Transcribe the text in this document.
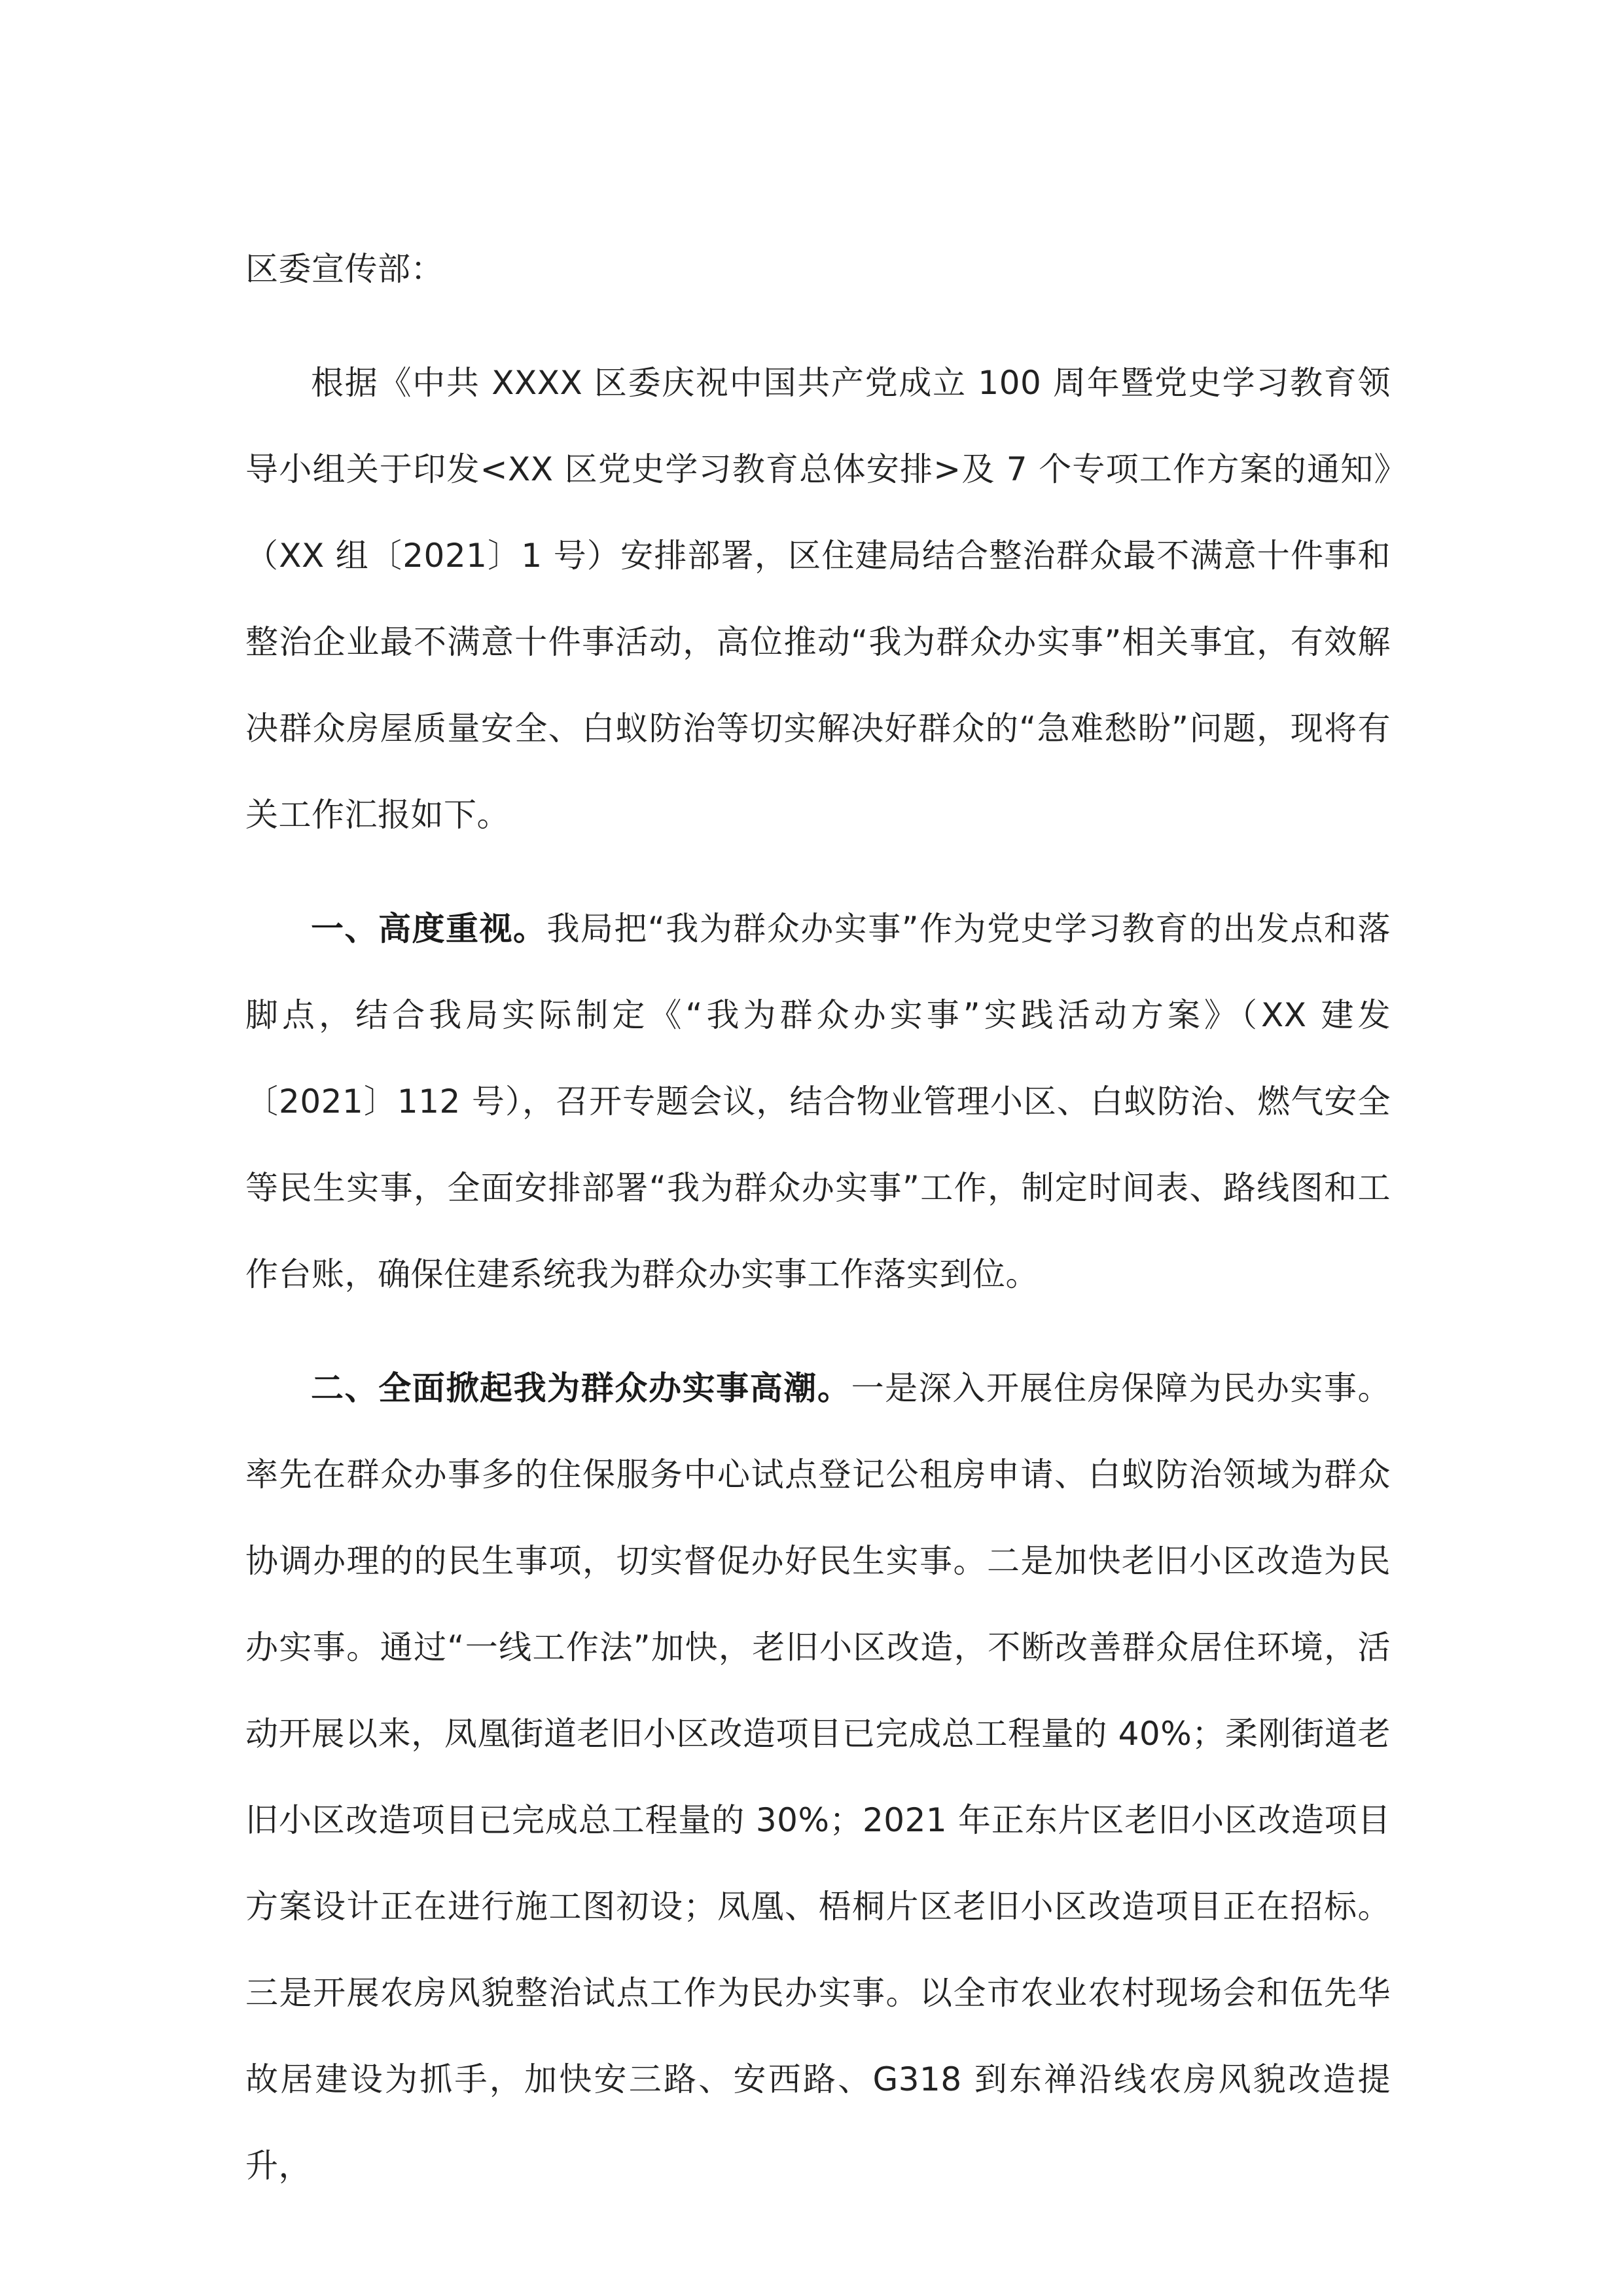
区委宣传部：

根据《中共 XXXX 区委庆祝中国共产党成立 100 周年暨党史学习教育领导小组关于印发<XX 区党史学习教育总体安排>及 7 个专项工作方案的通知》（XX 组〔2021〕1 号）安排部署，区住建局结合整治群众最不满意十件事和整治企业最不满意十件事活动，高位推动“我为群众办实事”相关事宜，有效解决群众房屋质量安全、白蚁防治等切实解决好群众的“急难愁盼”问题，现将有关工作汇报如下。

一、高度重视。我局把“我为群众办实事”作为党史学习教育的出发点和落脚点，结合我局实际制定《“我为群众办实事”实践活动方案》（XX 建发〔2021〕112 号），召开专题会议，结合物业管理小区、白蚁防治、燃气安全等民生实事，全面安排部署“我为群众办实事”工作，制定时间表、路线图和工作台账，确保住建系统我为群众办实事工作落实到位。

二、全面掀起我为群众办实事高潮。一是深入开展住房保障为民办实事。率先在群众办事多的住保服务中心试点登记公租房申请、白蚁防治领域为群众协调办理的的民生事项，切实督促办好民生实事。二是加快老旧小区改造为民办实事。通过“一线工作法”加快，老旧小区改造，不断改善群众居住环境，活动开展以来，凤凰街道老旧小区改造项目已完成总工程量的 40%；柔刚街道老旧小区改造项目已完成总工程量的 30%；2021 年正东片区老旧小区改造项目方案设计正在进行施工图初设；凤凰、梧桐片区老旧小区改造项目正在招标。三是开展农房风貌整治试点工作为民办实事。以全市农业农村现场会和伍先华故居建设为抓手，加快安三路、安西路、G318 到东禅沿线农房风貌改造提升，
